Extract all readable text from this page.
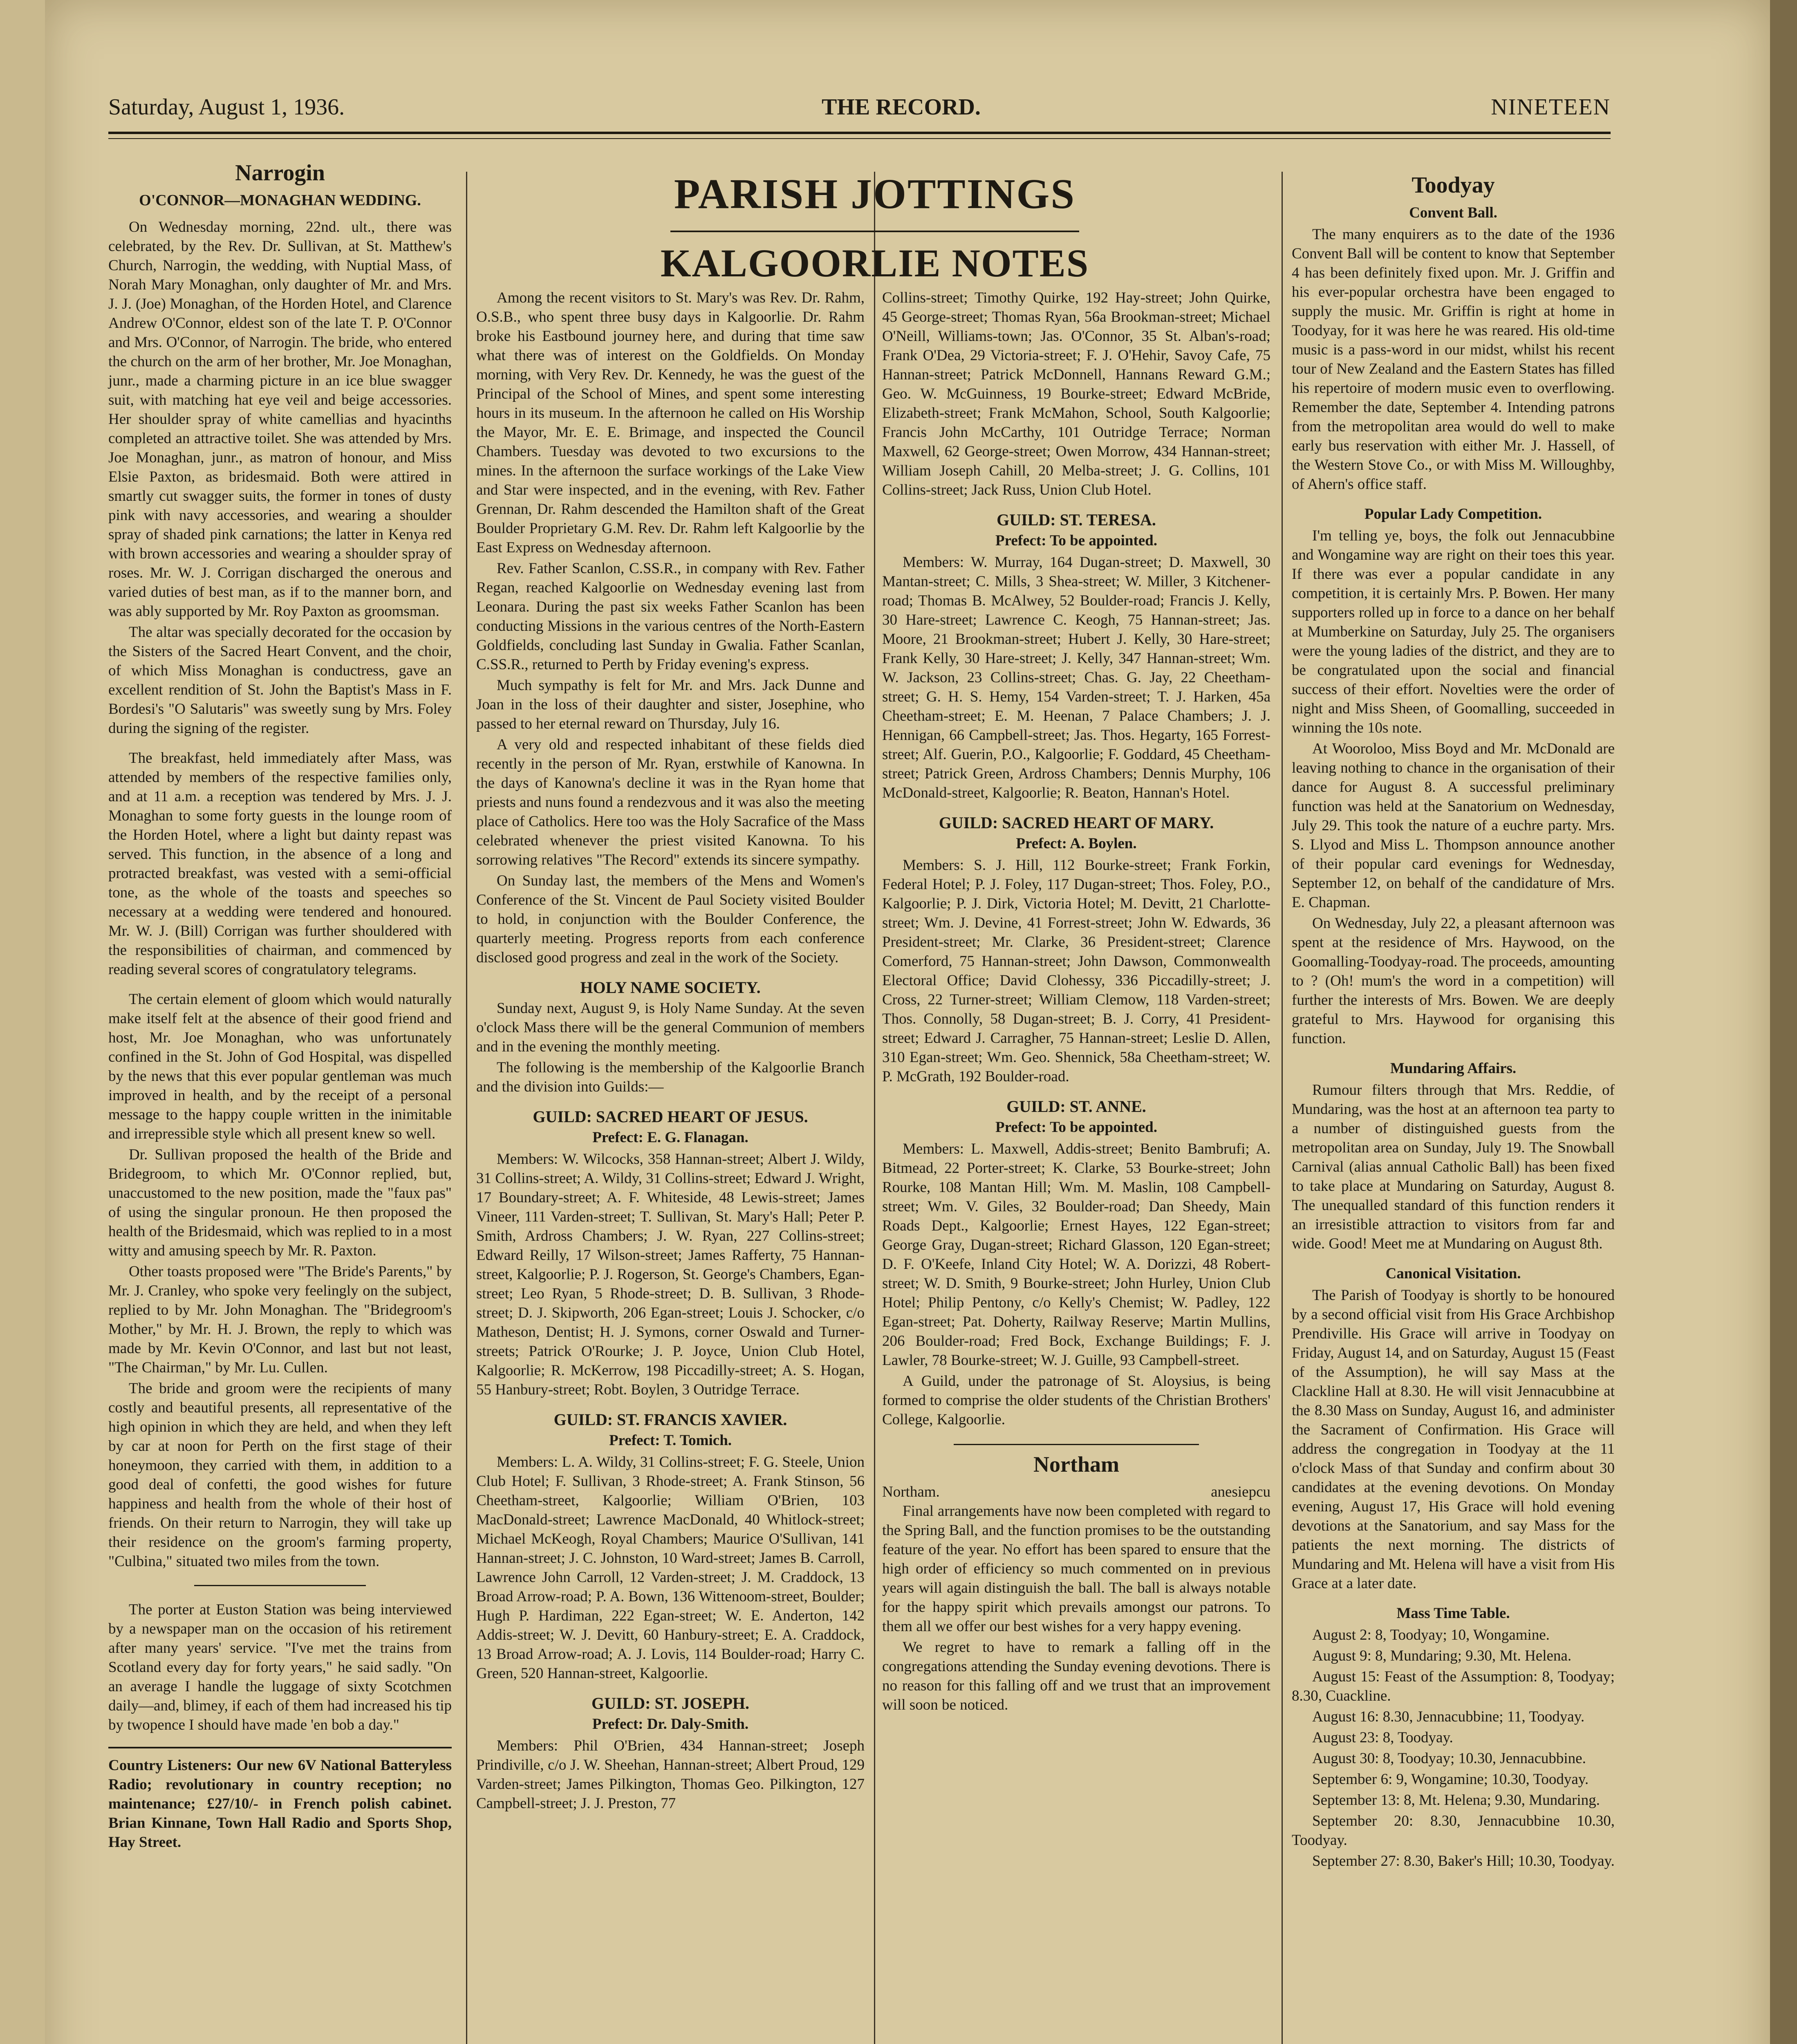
Saturday, August 1, 1936.	THE RECORD.	NINETEEN
Narrogin
O'CONNOR—MONAGHAN WEDDING.

On Wednesday morning, 22nd. ult., there was celebrated, by the Rev. Dr. Sullivan, at St. Matthew's Church, Narrogin, the wedding, with Nuptial Mass, of Norah Mary Monaghan, only daughter of Mr. and Mrs. J. J. (Joe) Monaghan, of the Horden Hotel, and Clarence Andrew O'Connor, eldest son of the late T. P. O'Connor and Mrs. O'Connor, of Narrogin. The bride, who entered the church on the arm of her brother, Mr. Joe Monaghan, junr., made a charming picture in an ice blue swagger suit, with matching hat eye veil and beige accessories. Her shoulder spray of white camellias and hyacinths completed an attractive toilet. She was attended by Mrs. Joe Monaghan, junr., as matron of honour, and Miss Elsie Paxton, as bridesmaid. Both were attired in smartly cut swagger suits, the former in tones of dusty pink with navy accessories, and wearing a shoulder spray of shaded pink carnations; the latter in Kenya red with brown accessories and wearing a shoulder spray of roses. Mr. W. J. Corrigan discharged the onerous and varied duties of best man, as if to the manner born, and was ably supported by Mr. Roy Paxton as groomsman.

The altar was specially decorated for the occasion by the Sisters of the Sacred Heart Convent, and the choir, of which Miss Monaghan is conductress, gave an excellent rendition of St. John the Baptist's Mass in F. Bordesi's "O Salutaris" was sweetly sung by Mrs. Foley during the signing of the register.

The breakfast, held immediately after Mass, was attended by members of the respective families only, and at 11 a.m. a reception was tendered by Mrs. J. J. Monaghan to some forty guests in the lounge room of the Horden Hotel, where a light but dainty repast was served. This function, in the absence of a long and protracted breakfast, was vested with a semi-official tone, as the whole of the toasts and speeches so necessary at a wedding were tendered and honoured. Mr. W. J. (Bill) Corrigan was further shouldered with the responsibilities of chairman, and commenced by reading several scores of congratulatory telegrams.

The certain element of gloom which would naturally make itself felt at the absence of their good friend and host, Mr. Joe Monaghan, who was unfortunately confined in the St. John of God Hospital, was dispelled by the news that this ever popular gentleman was much improved in health, and by the receipt of a personal message to the happy couple written in the inimitable and irrepressible style which all present knew so well.

Dr. Sullivan proposed the health of the Bride and Bridegroom, to which Mr. O'Connor replied, but, unaccustomed to the new position, made the "faux pas" of using the singular pronoun. He then proposed the health of the Bridesmaid, which was replied to in a most witty and amusing speech by Mr. R. Paxton.

Other toasts proposed were "The Bride's Parents," by Mr. J. Cranley, who spoke very feelingly on the subject, replied to by Mr. John Monaghan. The "Bridegroom's Mother," by Mr. H. J. Brown, the reply to which was made by Mr. Kevin O'Connor, and last but not least, "The Chairman," by Mr. Lu. Cullen.

The bride and groom were the recipients of many costly and beautiful presents, all representative of the high opinion in which they are held, and when they left by car at noon for Perth on the first stage of their honeymoon, they carried with them, in addition to a good deal of confetti, the good wishes for future happiness and health from the whole of their host of friends. On their return to Narrogin, they will take up their residence on the groom's farming property, "Culbina," situated two miles from the town.

The porter at Euston Station was being interviewed by a newspaper man on the occasion of his retirement after many years' service. "I've met the trains from Scotland every day for forty years," he said sadly. "On an average I handle the luggage of sixty Scotchmen daily—and, blimey, if each of them had increased his tip by twopence I should have made 'en bob a day."

Country Listeners: Our new 6V National Batteryless Radio; revolutionary in country reception; no maintenance; £27/10/- in French polish cabinet. Brian Kinnane, Town Hall Radio and Sports Shop, Hay Street.

PARISH JOTTINGS
KALGOORLIE NOTES

Among the recent visitors to St. Mary's was Rev. Dr. Rahm, O.S.B., who spent three busy days in Kalgoorlie. Dr. Rahm broke his Eastbound journey here, and during that time saw what there was of interest on the Goldfields. On Monday morning, with Very Rev. Dr. Kennedy, he was the guest of the Principal of the School of Mines, and spent some interesting hours in its museum. In the afternoon he called on His Worship the Mayor, Mr. E. E. Brimage, and inspected the Council Chambers. Tuesday was devoted to two excursions to the mines. In the afternoon the surface workings of the Lake View and Star were inspected, and in the evening, with Rev. Father Grennan, Dr. Rahm descended the Hamilton shaft of the Great Boulder Proprietary G.M. Rev. Dr. Rahm left Kalgoorlie by the East Express on Wednesday afternoon.

Rev. Father Scanlon, C.SS.R., in company with Rev. Father Regan, reached Kalgoorlie on Wednesday evening last from Leonara. During the past six weeks Father Scanlon has been conducting Missions in the various centres of the North-Eastern Goldfields, concluding last Sunday in Gwalia. Father Scanlan, C.SS.R., returned to Perth by Friday evening's express.

Much sympathy is felt for Mr. and Mrs. Jack Dunne and Joan in the loss of their daughter and sister, Josephine, who passed to her eternal reward on Thursday, July 16.

A very old and respected inhabitant of these fields died recently in the person of Mr. Ryan, erstwhile of Kanowna. In the days of Kanowna's decline it was in the Ryan home that priests and nuns found a rendezvous and it was also the meeting place of Catholics. Here too was the Holy Sacrafice of the Mass celebrated whenever the priest visited Kanowna. To his sorrowing relatives "The Record" extends its sincere sympathy.

On Sunday last, the members of the Mens and Women's Conference of the St. Vincent de Paul Society visited Boulder to hold, in conjunction with the Boulder Conference, the quarterly meeting. Progress reports from each conference disclosed good progress and zeal in the work of the Society.

HOLY NAME SOCIETY.

Sunday next, August 9, is Holy Name Sunday. At the seven o'clock Mass there will be the general Communion of members and in the evening the monthly meeting.

The following is the membership of the Kalgoorlie Branch and the division into Guilds:—

GUILD: SACRED HEART OF JESUS.
Prefect: E. G. Flanagan.

Members: W. Wilcocks, 358 Hannan-street; Albert J. Wildy, 31 Collins-street; A. Wildy, 31 Collins-street; Edward J. Wright, 17 Boundary-street; A. F. Whiteside, 48 Lewis-street; James Vineer, 111 Varden-street; T. Sullivan, St. Mary's Hall; Peter P. Smith, Ardross Chambers; J. W. Ryan, 227 Collins-street; Edward Reilly, 17 Wilson-street; James Rafferty, 75 Hannan-street, Kalgoorlie; P. J. Rogerson, St. George's Chambers, Egan-street; Leo Ryan, 5 Rhode-street; D. B. Sullivan, 3 Rhode-street; D. J. Skipworth, 206 Egan-street; Louis J. Schocker, c/o Matheson, Dentist; H. J. Symons, corner Oswald and Turner-streets; Patrick O'Rourke; J. P. Joyce, Union Club Hotel, Kalgoorlie; R. McKerrow, 198 Piccadilly-street; A. S. Hogan, 55 Hanbury-street; Robt. Boylen, 3 Outridge Terrace.

GUILD: ST. FRANCIS XAVIER.
Prefect: T. Tomich.

Members: L. A. Wildy, 31 Collins-street; F. G. Steele, Union Club Hotel; F. Sullivan, 3 Rhode-street; A. Frank Stinson, 56 Cheetham-street, Kalgoorlie; William O'Brien, 103 MacDonald-street; Lawrence MacDonald, 40 Whitlock-street; Michael McKeogh, Royal Chambers; Maurice O'Sullivan, 141 Hannan-street; J. C. Johnston, 10 Ward-street; James B. Carroll, Lawrence John Carroll, 12 Varden-street; J. M. Craddock, 13 Broad Arrow-road; P. A. Bown, 136 Wittenoom-street, Boulder; Hugh P. Hardiman, 222 Egan-street; W. E. Anderton, 142 Addis-street; W. J. Devitt, 60 Hanbury-street; E. A. Craddock, 13 Broad Arrow-road; A. J. Lovis, 114 Boulder-road; Harry C. Green, 520 Hannan-street, Kalgoorlie.

GUILD: ST. JOSEPH.
Prefect: Dr. Daly-Smith.

Members: Phil O'Brien, 434 Hannan-street; Joseph Prindiville, c/o J. W. Sheehan, Hannan-street; Albert Proud, 129 Varden-street; James Pilkington, Thomas Geo. Pilkington, 127 Campbell-street; J. J. Preston, 77

Collins-street; Timothy Quirke, 192 Hay-street; John Quirke, 45 George-street; Thomas Ryan, 56a Brookman-street; Michael O'Neill, Williams-town; Jas. O'Connor, 35 St. Alban's-road; Frank O'Dea, 29 Victoria-street; F. J. O'Hehir, Savoy Cafe, 75 Hannan-street; Patrick McDonnell, Hannans Reward G.M.; Geo. W. McGuinness, 19 Bourke-street; Edward McBride, Elizabeth-street; Frank McMahon, School, South Kalgoorlie; Francis John McCarthy, 101 Outridge Terrace; Norman Maxwell, 62 George-street; Owen Morrow, 434 Hannan-street; William Joseph Cahill, 20 Melba-street; J. G. Collins, 101 Collins-street; Jack Russ, Union Club Hotel.

GUILD: ST. TERESA.
Prefect: To be appointed.

Members: W. Murray, 164 Dugan-street; D. Maxwell, 30 Mantan-street; C. Mills, 3 Shea-street; W. Miller, 3 Kitchener-road; Thomas B. McAlwey, 52 Boulder-road; Francis J. Kelly, 30 Hare-street; Lawrence C. Keogh, 75 Hannan-street; Jas. Moore, 21 Brookman-street; Hubert J. Kelly, 30 Hare-street; Frank Kelly, 30 Hare-street; J. Kelly, 347 Hannan-street; Wm. W. Jackson, 23 Collins-street; Chas. G. Jay, 22 Cheetham-street; G. H. S. Hemy, 154 Varden-street; T. J. Harken, 45a Cheetham-street; E. M. Heenan, 7 Palace Chambers; J. J. Hennigan, 66 Campbell-street; Jas. Thos. Hegarty, 165 Forrest-street; Alf. Guerin, P.O., Kalgoorlie; F. Goddard, 45 Cheetham-street; Patrick Green, Ardross Chambers; Dennis Murphy, 106 McDonald-street, Kalgoorlie; R. Beaton, Hannan's Hotel.

GUILD: SACRED HEART OF MARY.
Prefect: A. Boylen.

Members: S. J. Hill, 112 Bourke-street; Frank Forkin, Federal Hotel; P. J. Foley, 117 Dugan-street; Thos. Foley, P.O., Kalgoorlie; P. J. Dirk, Victoria Hotel; M. Devitt, 21 Charlotte-street; Wm. J. Devine, 41 Forrest-street; John W. Edwards, 36 President-street; Mr. Clarke, 36 President-street; Clarence Comerford, 75 Hannan-street; John Dawson, Commonwealth Electoral Office; David Clohessy, 336 Piccadilly-street; J. Cross, 22 Turner-street; William Clemow, 118 Varden-street; Thos. Connolly, 58 Dugan-street; B. J. Corry, 41 President-street; Edward J. Carragher, 75 Hannan-street; Leslie D. Allen, 310 Egan-street; Wm. Geo. Shennick, 58a Cheetham-street; W. P. McGrath, 192 Boulder-road.

GUILD: ST. ANNE.
Prefect: To be appointed.

Members: L. Maxwell, Addis-street; Benito Bambrufi; A. Bitmead, 22 Porter-street; K. Clarke, 53 Bourke-street; John Rourke, 108 Mantan Hill; Wm. M. Maslin, 108 Campbell-street; Wm. V. Giles, 32 Boulder-road; Dan Sheedy, Main Roads Dept., Kalgoorlie; Ernest Hayes, 122 Egan-street; George Gray, Dugan-street; Richard Glasson, 120 Egan-street; D. F. O'Keefe, Inland City Hotel; W. A. Dorizzi, 48 Robert-street; W. D. Smith, 9 Bourke-street; John Hurley, Union Club Hotel; Philip Pentony, c/o Kelly's Chemist; W. Padley, 122 Egan-street; Pat. Doherty, Railway Reserve; Martin Mullins, 206 Boulder-road; Fred Bock, Exchange Buildings; F. J. Lawler, 78 Bourke-street; W. J. Guille, 93 Campbell-street.

A Guild, under the patronage of St. Aloysius, is being formed to comprise the older students of the Christian Brothers' College, Kalgoorlie.

Northam
Northam.	anesiepcu

Final arrangements have now been completed with regard to the Spring Ball, and the function promises to be the outstanding feature of the year. No effort has been spared to ensure that the high order of efficiency so much commented on in previous years will again distinguish the ball. The ball is always notable for the happy spirit which prevails amongst our patrons. To them all we offer our best wishes for a very happy evening.

We regret to have to remark a falling off in the congregations attending the Sunday evening devotions. There is no reason for this falling off and we trust that an improvement will soon be noticed.

Toodyay
Convent Ball.

The many enquirers as to the date of the 1936 Convent Ball will be content to know that September 4 has been definitely fixed upon. Mr. J. Griffin and his ever-popular orchestra have been engaged to supply the music. Mr. Griffin is right at home in Toodyay, for it was here he was reared. His old-time music is a pass-word in our midst, whilst his recent tour of New Zealand and the Eastern States has filled his repertoire of modern music even to overflowing. Remember the date, September 4. Intending patrons from the metropolitan area would do well to make early bus reservation with either Mr. J. Hassell, of the Western Stove Co., or with Miss M. Willoughby, of Ahern's office staff.

Popular Lady Competition.

I'm telling ye, boys, the folk out Jennacubbine and Wongamine way are right on their toes this year. If there was ever a popular candidate in any competition, it is certainly Mrs. P. Bowen. Her many supporters rolled up in force to a dance on her behalf at Mumberkine on Saturday, July 25. The organisers were the young ladies of the district, and they are to be congratulated upon the social and financial success of their effort. Novelties were the order of night and Miss Sheen, of Goomalling, succeeded in winning the 10s note.

At Wooroloo, Miss Boyd and Mr. McDonald are leaving nothing to chance in the organisation of their dance for August 8. A successful preliminary function was held at the Sanatorium on Wednesday, July 29. This took the nature of a euchre party. Mrs. S. Llyod and Miss L. Thompson announce another of their popular card evenings for Wednesday, September 12, on behalf of the candidature of Mrs. E. Chapman.

On Wednesday, July 22, a pleasant afternoon was spent at the residence of Mrs. Haywood, on the Goomalling-Toodyay-road. The proceeds, amounting to ? (Oh! mum's the word in a competition) will further the interests of Mrs. Bowen. We are deeply grateful to Mrs. Haywood for organising this function.

Mundaring Affairs.

Rumour filters through that Mrs. Reddie, of Mundaring, was the host at an afternoon tea party to a number of distinguished guests from the metropolitan area on Sunday, July 19. The Snowball Carnival (alias annual Catholic Ball) has been fixed to take place at Mundaring on Saturday, August 8. The unequalled standard of this function renders it an irresistible attraction to visitors from far and wide. Good! Meet me at Mundaring on August 8th.

Canonical Visitation.

The Parish of Toodyay is shortly to be honoured by a second official visit from His Grace Archbishop Prendiville. His Grace will arrive in Toodyay on Friday, August 14, and on Saturday, August 15 (Feast of the Assumption), he will say Mass at the Clackline Hall at 8.30. He will visit Jennacubbine at the 8.30 Mass on Sunday, August 16, and administer the Sacrament of Confirmation. His Grace will address the congregation in Toodyay at the 11 o'clock Mass of that Sunday and confirm about 30 candidates at the evening devotions. On Monday evening, August 17, His Grace will hold evening devotions at the Sanatorium, and say Mass for the patients the next morning. The districts of Mundaring and Mt. Helena will have a visit from His Grace at a later date.

Mass Time Table.

August 2: 8, Toodyay; 10, Wongamine.

August 9: 8, Mundaring; 9.30, Mt. Helena.

August 15: Feast of the Assumption: 8, Toodyay; 8.30, Cuackline.

August 16: 8.30, Jennacubbine; 11, Toodyay.

August 23: 8, Toodyay.

August 30: 8, Toodyay; 10.30, Jennacubbine.

September 6: 9, Wongamine; 10.30, Toodyay.

September 13: 8, Mt. Helena; 9.30, Mundaring.

September 20: 8.30, Jennacubbine 10.30, Toodyay.

September 27: 8.30, Baker's Hill; 10.30, Toodyay.
